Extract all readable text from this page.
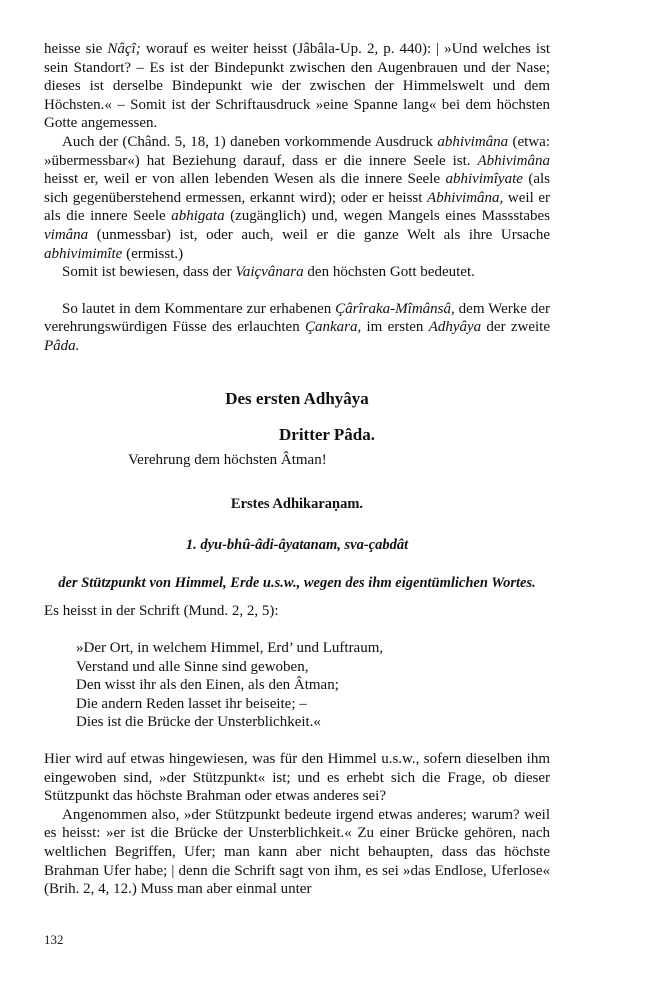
heisse sie Nâçî; worauf es weiter heisst (Jâbâla-Up. 2, p. 440): | »Und welches ist sein Standort? – Es ist der Bindepunkt zwischen den Augenbrauen und der Nase; dieses ist derselbe Bindepunkt wie der zwischen der Himmelswelt und dem Höchsten.« – Somit ist der Schriftausdruck »eine Spanne lang« bei dem höchsten Gotte angemessen.

Auch der (Chând. 5, 18, 1) daneben vorkommende Ausdruck abhivimâna (etwa: »übermessbar«) hat Beziehung darauf, dass er die innere Seele ist. Abhivimâna heisst er, weil er von allen lebenden Wesen als die innere Seele abhivimîyate (als sich gegenüberstehend ermessen, erkannt wird); oder er heisst Abhivimâna, weil er als die innere Seele abhigata (zugänglich) und, wegen Mangels eines Massstabes vimâna (unmessbar) ist, oder auch, weil er die ganze Welt als ihre Ursache abhivimimîte (ermisst.)

Somit ist bewiesen, dass der Vaiçvânara den höchsten Gott bedeutet.

So lautet in dem Kommentare zur erhabenen Çârîraka-Mîmânsâ, dem Werke der verehrungswürdigen Füsse des erlauchten Çankara, im ersten Adhyâya der zweite Pâda.

Des ersten Adhyâya
Dritter Pâda.
Verehrung dem höchsten Âtman!
Erstes Adhikaraṇam.
1. dyu-bhû-âdi-âyatanam, sva-çabdât
der Stützpunkt von Himmel, Erde u.s.w., wegen des ihm eigentümlichen Wortes.

Es heisst in der Schrift (Mund. 2, 2, 5):

»Der Ort, in welchem Himmel, Erd’ und Luftraum,
Verstand und alle Sinne sind gewoben,
Den wisst ihr als den Einen, als den Âtman;
Die andern Reden lasset ihr beiseite; –
Dies ist die Brücke der Unsterblichkeit.«

Hier wird auf etwas hingewiesen, was für den Himmel u.s.w., sofern dieselben ihm eingewoben sind, »der Stützpunkt« ist; und es erhebt sich die Frage, ob dieser Stützpunkt das höchste Brahman oder etwas anderes sei?

Angenommen also, »der Stützpunkt bedeute irgend etwas anderes; warum? weil es heisst: »er ist die Brücke der Unsterblichkeit.« Zu einer Brücke gehören, nach weltlichen Begriffen, Ufer; man kann aber nicht behaupten, dass das höchste Brahman Ufer habe; | denn die Schrift sagt von ihm, es sei »das Endlose, Uferlose« (Brih. 2, 4, 12.) Muss man aber einmal unter

132
